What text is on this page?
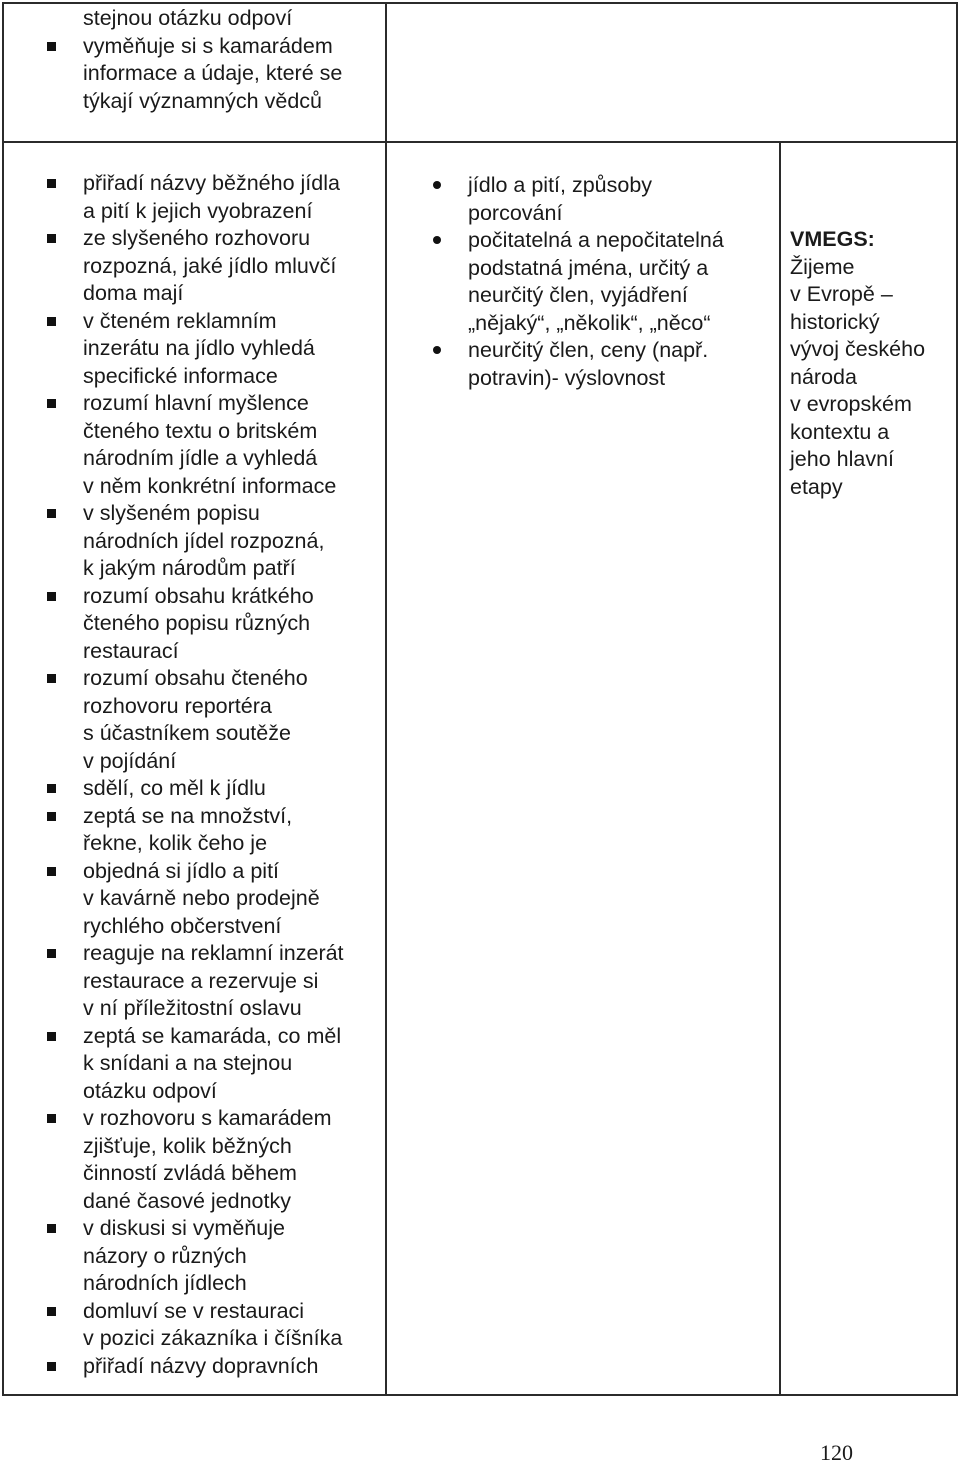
stejnou otázku odpoví
vyměňuje si s kamarádem
informace a údaje, které se
týkají významných vědců
přiřadí názvy běžného jídla
a pití k jejich vyobrazení
ze slyšeného rozhovoru
rozpozná, jaké jídlo mluvčí
doma mají
v čteném reklamním
inzerátu na jídlo vyhledá
specifické informace
rozumí hlavní myšlence
čteného textu o britském
národním jídle a vyhledá
v něm konkrétní informace
v slyšeném popisu
národních jídel rozpozná,
k jakým národům patří
rozumí obsahu krátkého
čteného popisu různých
restaurací
rozumí obsahu čteného
rozhovoru reportéra
s účastníkem soutěže
v pojídání
sdělí, co měl k jídlu
zeptá se na množství,
řekne, kolik čeho je
objedná si jídlo a pití
v kavárně nebo prodejně
rychlého občerstvení
reaguje na reklamní inzerát
restaurace a rezervuje si
v ní příležitostní oslavu
zeptá se kamaráda, co měl
k snídani a na stejnou
otázku odpoví
v rozhovoru s kamarádem
zjišťuje, kolik běžných
činností zvládá během
dané časové jednotky
v diskusi si vyměňuje
názory o různých
národních jídlech
domluví se v restauraci
v pozici zákazníka i číšníka
přiřadí názvy dopravních
jídlo a pití, způsoby
porcování
počitatelná a nepočitatelná
podstatná jména, určitý a
neurčitý člen, vyjádření
„nějaký“, „několik“, „něco“
neurčitý člen, ceny (např.
potravin)- výslovnost
VMEGS:
Žijeme
v Evropě –
historický
vývoj českého
národa
v evropském
kontextu a
jeho hlavní
etapy
120
